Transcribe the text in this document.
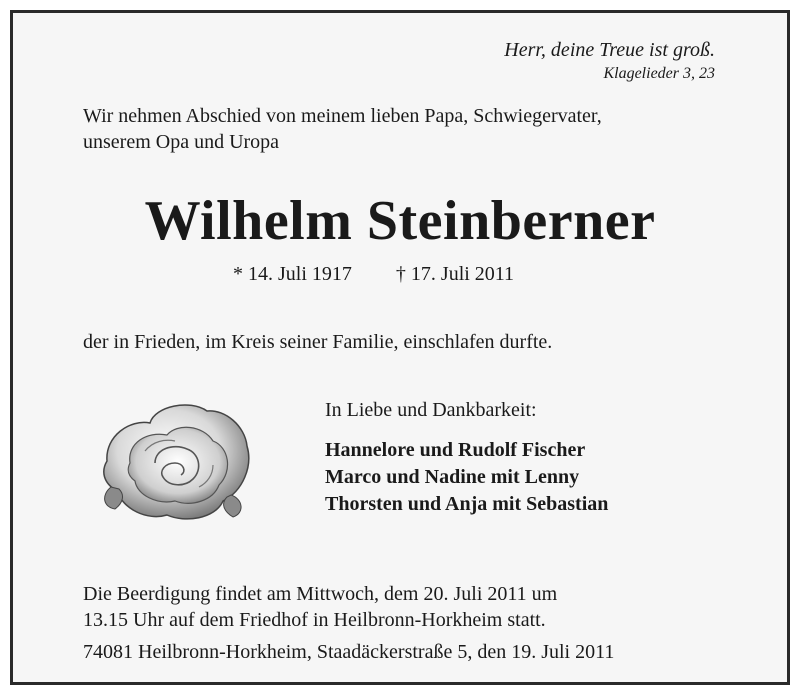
Herr, deine Treue ist groß.
Klagelieder 3, 23
Wir nehmen Abschied von meinem lieben Papa, Schwiegervater,
unserem Opa und Uropa
Wilhelm Steinberner
* 14. Juli 1917 † 17. Juli 2011
der in Frieden, im Kreis seiner Familie, einschlafen durfte.
In Liebe und Dankbarkeit:
Hannelore und Rudolf Fischer
Marco und Nadine mit Lenny
Thorsten und Anja mit Sebastian
Die Beerdigung findet am Mittwoch, dem 20. Juli 2011 um
13.15 Uhr auf dem Friedhof in Heilbronn-Horkheim statt.
74081 Heilbronn-Horkheim, Staadäckerstraße 5, den 19. Juli 2011
